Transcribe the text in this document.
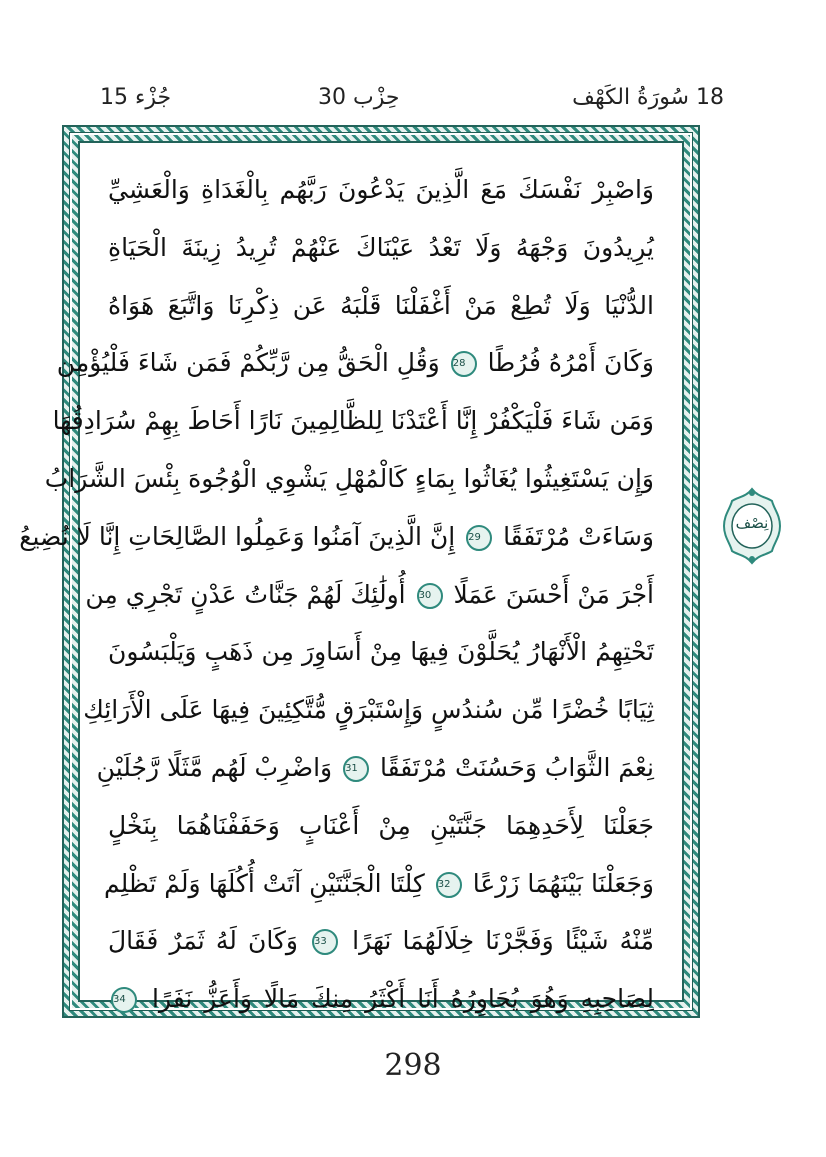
جُزْء 15	حِزْب 30	18 سُورَةُ الكَهْف
وَاصْبِرْ نَفْسَكَ مَعَ الَّذِينَ يَدْعُونَ رَبَّهُم بِالْغَدَاةِ وَالْعَشِيِّ
يُرِيدُونَ وَجْهَهُ وَلَا تَعْدُ عَيْنَاكَ عَنْهُمْ تُرِيدُ زِينَةَ الْحَيَاةِ
الدُّنْيَا وَلَا تُطِعْ مَنْ أَغْفَلْنَا قَلْبَهُ عَن ذِكْرِنَا وَاتَّبَعَ هَوَاهُ
وَكَانَ أَمْرُهُ فُرُطًا 28 وَقُلِ الْحَقُّ مِن رَّبِّكُمْ فَمَن شَاءَ فَلْيُؤْمِن
وَمَن شَاءَ فَلْيَكْفُرْ إِنَّا أَعْتَدْنَا لِلظَّالِمِينَ نَارًا أَحَاطَ بِهِمْ سُرَادِقُهَا
وَإِن يَسْتَغِيثُوا يُغَاثُوا بِمَاءٍ كَالْمُهْلِ يَشْوِي الْوُجُوهَ بِئْسَ الشَّرَابُ
وَسَاءَتْ مُرْتَفَقًا 29 إِنَّ الَّذِينَ آمَنُوا وَعَمِلُوا الصَّالِحَاتِ إِنَّا لَا نُضِيعُ
أَجْرَ مَنْ أَحْسَنَ عَمَلًا 30 أُولَٰئِكَ لَهُمْ جَنَّاتُ عَدْنٍ تَجْرِي مِن
تَحْتِهِمُ الْأَنْهَارُ يُحَلَّوْنَ فِيهَا مِنْ أَسَاوِرَ مِن ذَهَبٍ وَيَلْبَسُونَ
ثِيَابًا خُضْرًا مِّن سُندُسٍ وَإِسْتَبْرَقٍ مُّتَّكِئِينَ فِيهَا عَلَى الْأَرَائِكِ
نِعْمَ الثَّوَابُ وَحَسُنَتْ مُرْتَفَقًا 31 وَاضْرِبْ لَهُم مَّثَلًا رَّجُلَيْنِ
جَعَلْنَا لِأَحَدِهِمَا جَنَّتَيْنِ مِنْ أَعْنَابٍ وَحَفَفْنَاهُمَا بِنَخْلٍ
وَجَعَلْنَا بَيْنَهُمَا زَرْعًا 32 كِلْتَا الْجَنَّتَيْنِ آتَتْ أُكُلَهَا وَلَمْ تَظْلِم
مِّنْهُ شَيْئًا وَفَجَّرْنَا خِلَالَهُمَا نَهَرًا 33 وَكَانَ لَهُ ثَمَرٌ فَقَالَ
لِصَاحِبِهِ وَهُوَ يُحَاوِرُهُ أَنَا أَكْثَرُ مِنكَ مَالًا وَأَعَزُّ نَفَرًا 34
نِصْف
298
